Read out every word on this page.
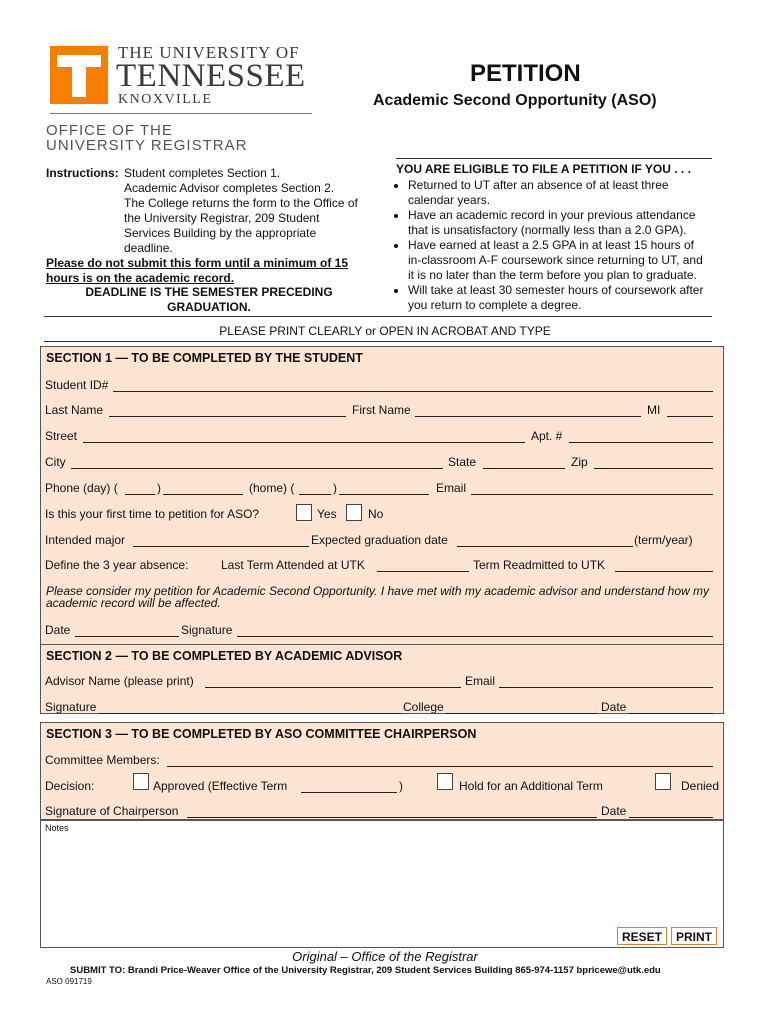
THE UNIVERSITY OF
TENNESSEE
KNOXVILLE
OFFICE OF THE
UNIVERSITY REGISTRAR
PETITION
Academic Second Opportunity (ASO)
Instructions: Student completes Section 1.
Academic Advisor completes Section 2.
The College returns the form to the Office of
the University Registrar, 209 Student
Services Building by the appropriate
deadline.
Please do not submit this form until a minimum of 15
hours is on the academic record.
DEADLINE IS THE SEMESTER PRECEDING
GRADUATION.
YOU ARE ELIGIBLE TO FILE A PETITION IF YOU . . .
• Returned to UT after an absence of at least three
calendar years.
• Have an academic record in your previous attendance
that is unsatisfactory (normally less than a 2.0 GPA).
• Have earned at least a 2.5 GPA in at least 15 hours of
in-classroom A-F coursework since returning to UT, and
it is no later than the term before you plan to graduate.
• Will take at least 30 semester hours of coursework after
you return to complete a degree.
PLEASE PRINT CLEARLY or OPEN IN ACROBAT AND TYPE
SECTION 1 — TO BE COMPLETED BY THE STUDENT
Student ID#
Last Name	First Name	MI
Street	Apt. #
City	State	Zip
Phone (day) (	)	(home) (	)	Email
Is this your first time to petition for ASO?	Yes	No
Intended major	Expected graduation date	(term/year)
Define the 3 year absence:	Last Term Attended at UTK	Term Readmitted to UTK
Please consider my petition for Academic Second Opportunity. I have met with my academic advisor and understand how my academic record will be affected.
Date	Signature
SECTION 2 — TO BE COMPLETED BY ACADEMIC ADVISOR
Advisor Name (please print)	Email
Signature	College	Date
SECTION 3 — TO BE COMPLETED BY ASO COMMITTEE CHAIRPERSON
Committee Members:
Decision:	Approved (Effective Term	)	Hold for an Additional Term	Denied
Signature of Chairperson	Date
Notes
RESET	PRINT
Original – Office of the Registrar
SUBMIT TO: Brandi Price-Weaver Office of the University Registrar, 209 Student Services Building 865-974-1157 bpricewe@utk.edu
ASO 091719
